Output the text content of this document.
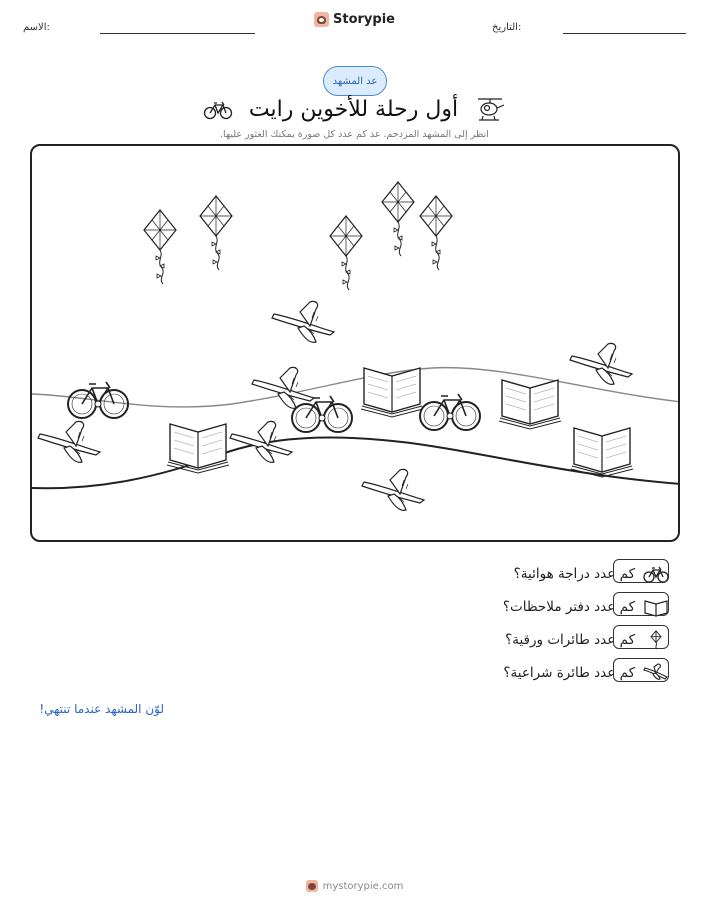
الاسم:	التاريخ:
Storypie
عد المشهد
أول رحلة للأخوين رايت
انظر إلى المشهد المزدحم. عد كم عدد كل صورة يمكنك العثور عليها.
كم عدد دراجة هوائية؟
كم عدد دفتر ملاحظات؟
كم عدد طائرات ورقية؟
كم عدد طائرة شراعية؟
لوّن المشهد عندما تنتهي!
mystorypie.com
